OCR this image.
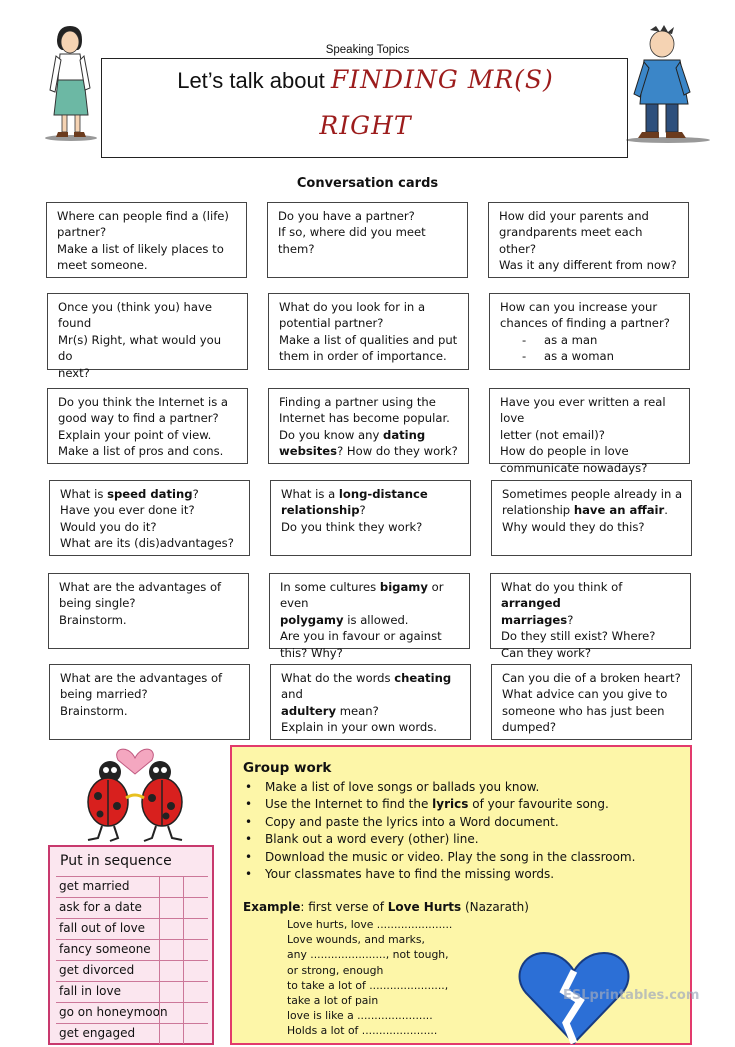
Speaking Topics
Let’s talk about FINDING MR(S)
RIGHT
Conversation cards

Where can people find a (life)

partner?

Make a list of likely places to

meet someone.

Do you have a partner?

If so, where did you meet them?

How did your parents and

grandparents meet each other?

Was it any different from now?

Once you (think you) have found

Mr(s) Right, what would you do

next?

What do you look for in a

potential partner?

Make a list of qualities and put

them in order of importance.

How can you increase your

chances of finding a partner?

- as a man

- as a woman

Do you think the Internet is a

good way to find a partner?

Explain your point of view.

Make a list of pros and cons.

Finding a partner using the

Internet has become popular.

Do you know any dating

websites? How do they work?

Have you ever written a real love

letter (not email)?

How do people in love

communicate nowadays?

What is speed dating?

Have you ever done it?

Would you do it?

What are its (dis)advantages?

What is a long-distance

relationship?

Do you think they work?

Sometimes people already in a

relationship have an affair.

Why would they do this?

What are the advantages of

being single?

Brainstorm.

In some cultures bigamy or even

polygamy is allowed.

Are you in favour or against

this? Why?

What do you think of arranged

marriages?

Do they still exist? Where?

Can they work?

What are the advantages of

being married?

Brainstorm.

What do the words cheating and

adultery mean?

Explain in your own words.

Can you die of a broken heart?

What advice can you give to

someone who has just been

dumped?

Group work
• Make a list of love songs or ballads you know.
• Use the Internet to find the lyrics of your favourite song.
• Copy and paste the lyrics into a Word document.
• Blank out a word every (other) line.
• Download the music or video. Play the song in the classroom.
• Your classmates have to find the missing words.
Example: first verse of Love Hurts (Nazarath)
Love hurts, love ......................
Love wounds, and marks,
any ......................, not tough,
or strong, enough
to take a lot of ......................,
take a lot of pain
love is like a ......................
Holds a lot of ......................
Put in sequence
get married
ask for a date
fall out of love
fancy someone
get divorced
fall in love
go on honeymoon
get engaged
ESLprintables.com
